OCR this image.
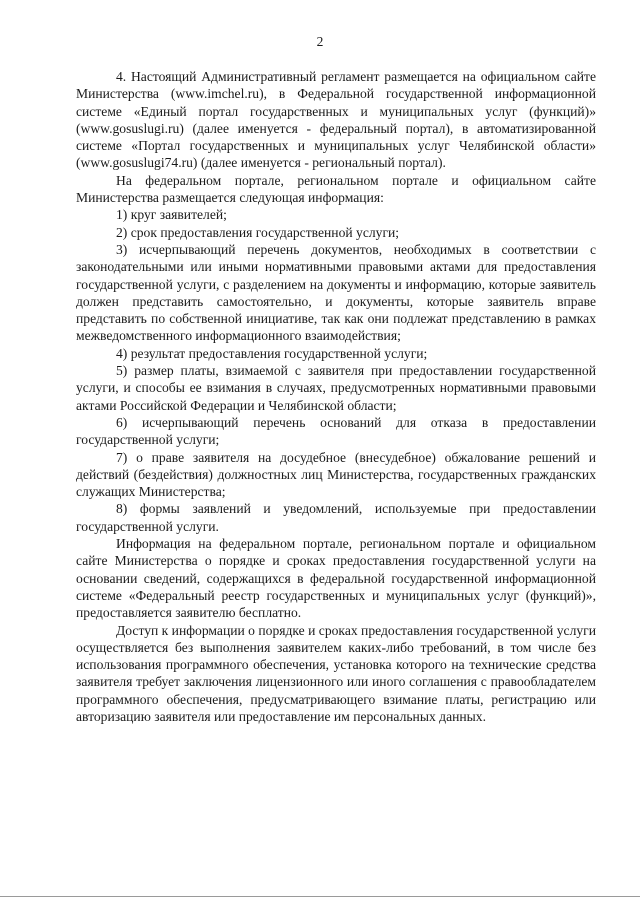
2

4. Настоящий Административный регламент размещается на официальном сайте Министерства (www.imchel.ru), в Федеральной государственной информационной системе «Единый портал государственных и муниципальных услуг (функций)» (www.gosuslugi.ru) (далее именуется - федеральный портал), в автоматизированной системе «Портал государственных и муниципальных услуг Челябинской области» (www.gosuslugi74.ru) (далее именуется - региональный портал).

На федеральном портале, региональном портале и официальном сайте Министерства размещается следующая информация:

1) круг заявителей;

2) срок предоставления государственной услуги;

3) исчерпывающий перечень документов, необходимых в соответствии с законодательными или иными нормативными правовыми актами для предоставления государственной услуги, с разделением на документы и информацию, которые заявитель должен представить самостоятельно, и документы, которые заявитель вправе представить по собственной инициативе, так как они подлежат представлению в рамках межведомственного информационного взаимодействия;

4) результат предоставления государственной услуги;

5) размер платы, взимаемой с заявителя при предоставлении государственной услуги, и способы ее взимания в случаях, предусмотренных нормативными правовыми актами Российской Федерации и Челябинской области;

6) исчерпывающий перечень оснований для отказа в предоставлении государственной услуги;

7) о праве заявителя на досудебное (внесудебное) обжалование решений и действий (бездействия) должностных лиц Министерства, государственных гражданских служащих Министерства;

8) формы заявлений и уведомлений, используемые при предоставлении государственной услуги.

Информация на федеральном портале, региональном портале и официальном сайте Министерства о порядке и сроках предоставления государственной услуги на основании сведений, содержащихся в федеральной государственной информационной системе «Федеральный реестр государственных и муниципальных услуг (функций)», предоставляется заявителю бесплатно.

Доступ к информации о порядке и сроках предоставления государственной услуги осуществляется без выполнения заявителем каких-либо требований, в том числе без использования программного обеспечения, установка которого на технические средства заявителя требует заключения лицензионного или иного соглашения с правообладателем программного обеспечения, предусматривающего взимание платы, регистрацию или авторизацию заявителя или предоставление им персональных данных.
